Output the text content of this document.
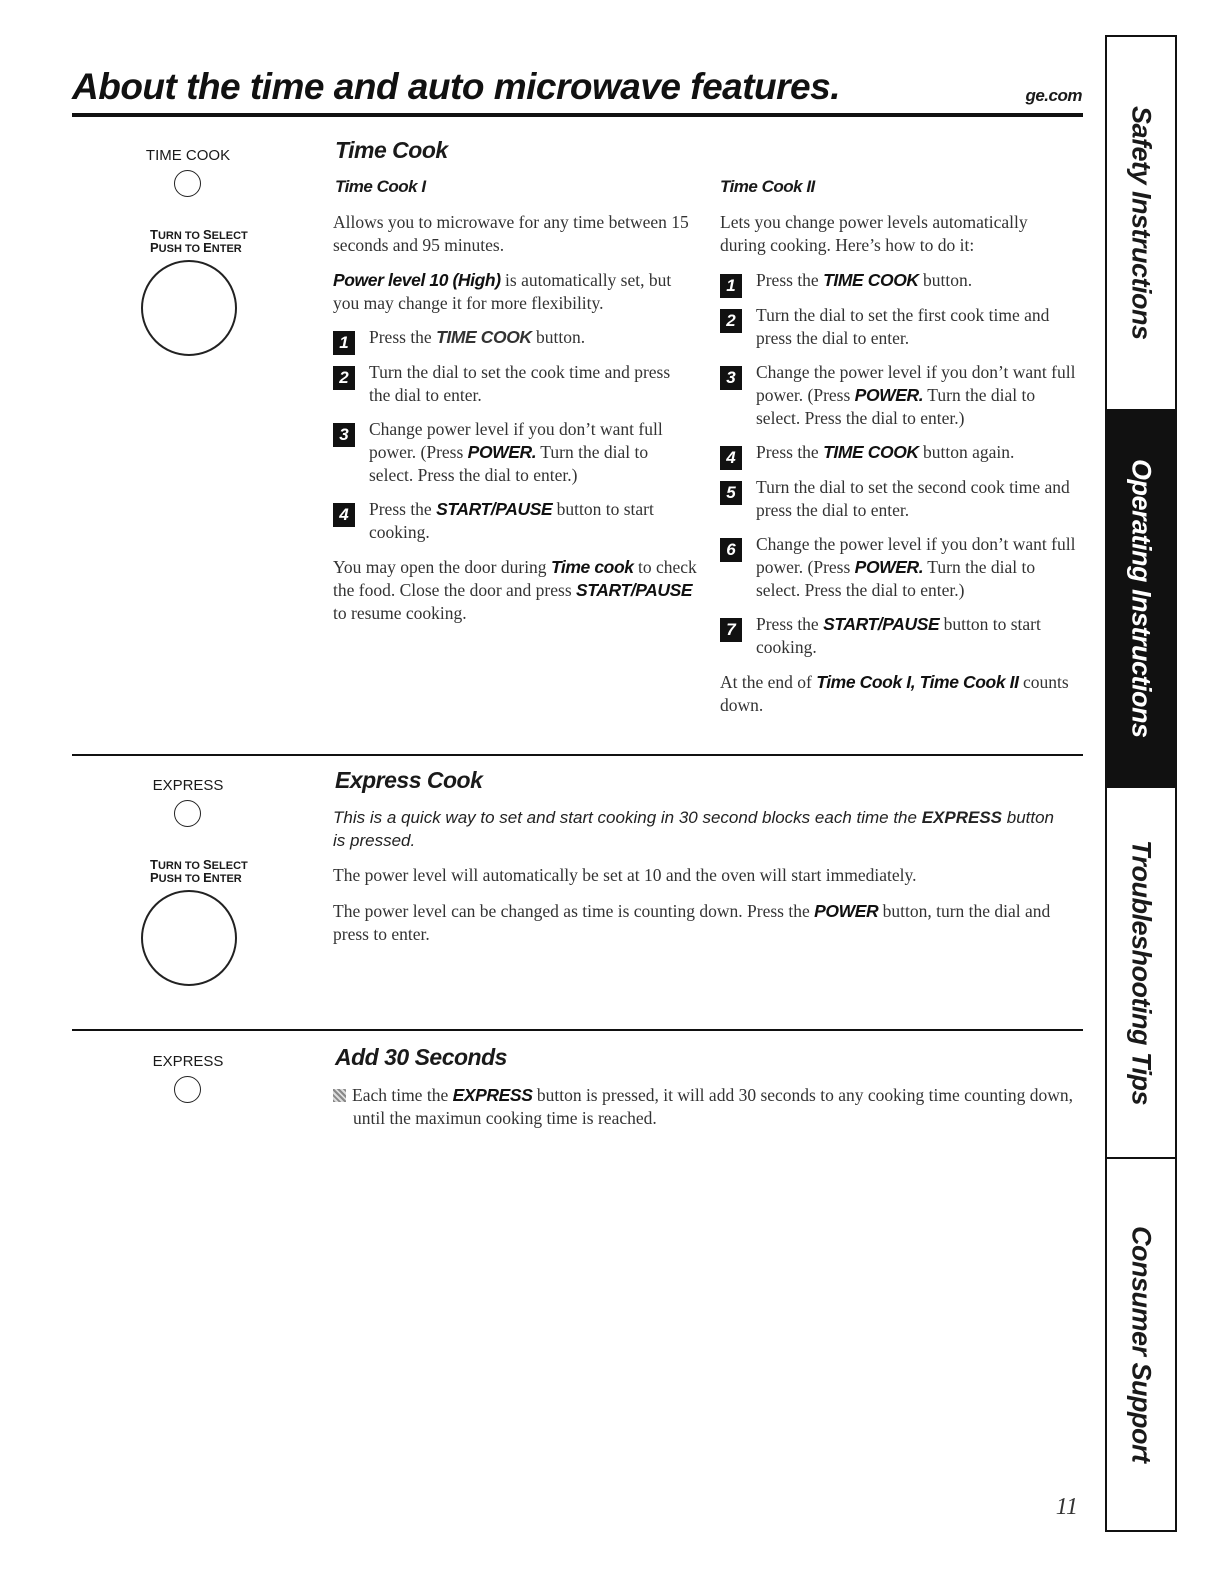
About the time and auto microwave features.	ge.com
TIME COOK
TURN TO SELECT
PUSH TO ENTER
Time Cook
Time Cook I
Allows you to microwave for any time between 15 seconds and 95 minutes.
Power level 10 (High) is automatically set, but you may change it for more flexibility.
1	Press the TIME COOK button.
2	Turn the dial to set the cook time and press the dial to enter.
3	Change power level if you don’t want full power. (Press POWER. Turn the dial to select. Press the dial to enter.)
4	Press the START/PAUSE button to start cooking.
You may open the door during Time cook to check the food. Close the door and press START/PAUSE to resume cooking.
Time Cook II
Lets you change power levels automatically during cooking. Here’s how to do it:
1	Press the TIME COOK button.
2	Turn the dial to set the first cook time and press the dial to enter.
3	Change the power level if you don’t want full power. (Press POWER. Turn the dial to select. Press the dial to enter.)
4	Press the TIME COOK button again.
5	Turn the dial to set the second cook time and press the dial to enter.
6	Change the power level if you don’t want full power. (Press POWER. Turn the dial to select. Press the dial to enter.)
7	Press the START/PAUSE button to start cooking.
At the end of Time Cook I, Time Cook II counts down.
EXPRESS
TURN TO SELECT
PUSH TO ENTER
Express Cook
This is a quick way to set and start cooking in 30 second blocks each time the EXPRESS button is pressed.
The power level will automatically be set at 10 and the oven will start immediately.
The power level can be changed as time is counting down. Press the POWER button, turn the dial and press to enter.
EXPRESS	Add 30 Seconds
Each time the EXPRESS button is pressed, it will add 30 seconds to any cooking time counting down, until the maximun cooking time is reached.
Safety Instructions
Operating Instructions
Troubleshooting Tips
Consumer Support
11
